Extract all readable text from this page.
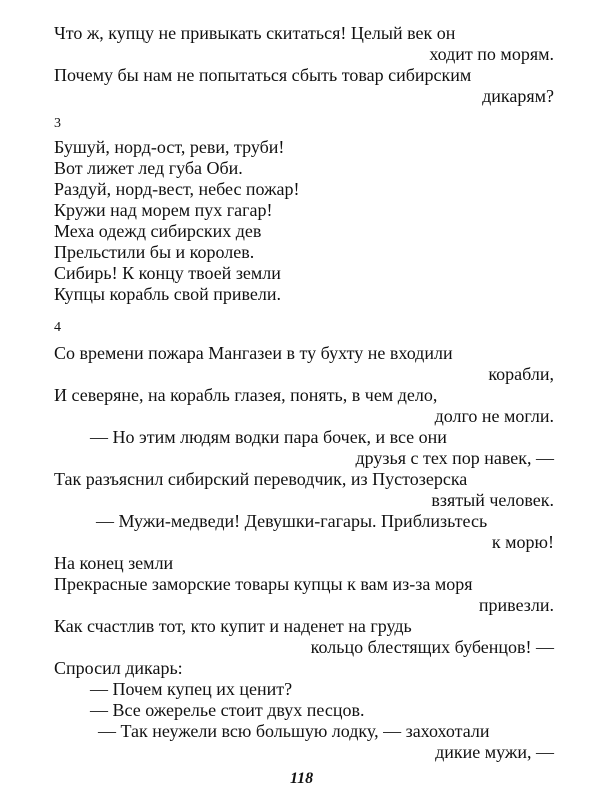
Что ж, купцу не привыкать скитаться! Целый век он
ходит по морям.
Почему бы нам не попытаться сбыть товар сибирским
дикарям?
3
Бушуй, норд-ост, реви, труби!
Вот лижет лед губа Оби.
Раздуй, норд-вест, небес пожар!
Кружи над морем пух гагар!
Меха одежд сибирских дев
Прельстили бы и королев.
Сибирь! К концу твоей земли
Купцы корабль свой привели.
4
Со времени пожара Мангазеи в ту бухту не входили
корабли,
И северяне, на корабль глазея, понять, в чем дело,
долго не могли.
— Но этим людям водки пара бочек, и все они
друзья с тех пор навек, —
Так разъяснил сибирский переводчик, из Пустозерска
взятый человек.
— Мужи-медведи! Девушки-гагары. Приблизьтесь
к морю!
На конец земли
Прекрасные заморские товары купцы к вам из-за моря
привезли.
Как счастлив тот, кто купит и наденет на грудь
кольцо блестящих бубенцов! —
Спросил дикарь:
— Почем купец их ценит?
— Все ожерелье стоит двух песцов.
— Так неужели всю большую лодку, — захохотали
дикие мужи, —
118
